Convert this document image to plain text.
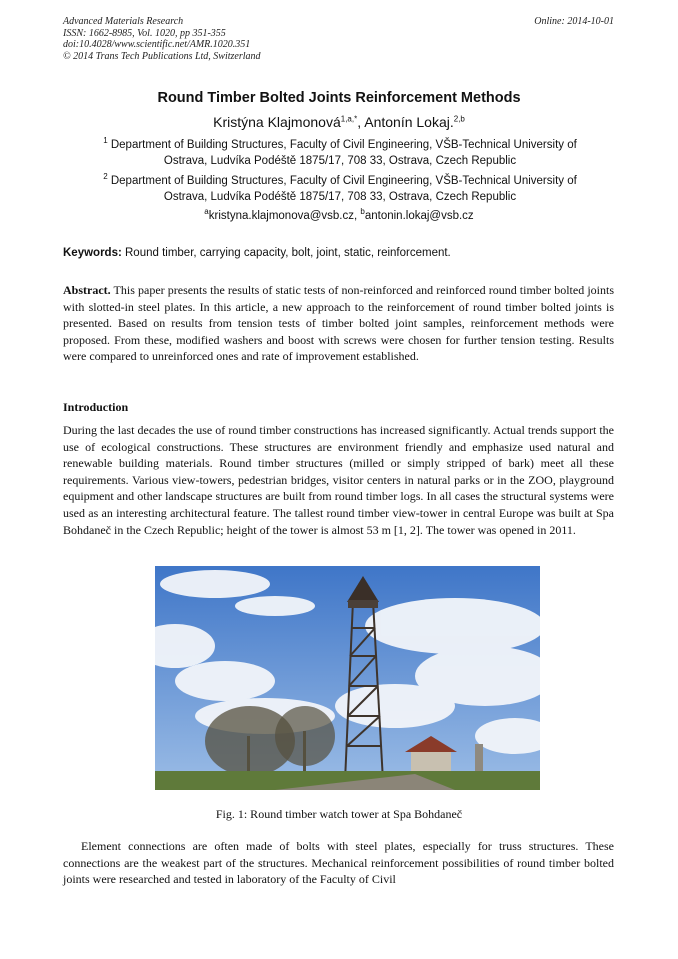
Advanced Materials Research
ISSN: 1662-8985, Vol. 1020, pp 351-355
doi:10.4028/www.scientific.net/AMR.1020.351
© 2014 Trans Tech Publications Ltd, Switzerland
Online: 2014-10-01
Round Timber Bolted Joints Reinforcement Methods
Kristýna Klajmonová$^{1,a,*}$, Antonín Lokaj.$^{2,b}$
$^1$ Department of Building Structures, Faculty of Civil Engineering, VŠB-Technical University of
Ostrava, Ludvíka Podéště 1875/17, 708 33, Ostrava, Czech Republic
$^2$ Department of Building Structures, Faculty of Civil Engineering, VŠB-Technical University of
Ostrava, Ludvíka Podéště 1875/17, 708 33, Ostrava, Czech Republic
$^a$kristyna.klajmonova@vsb.cz, $^b$antonin.lokaj@vsb.cz
Keywords: Round timber, carrying capacity, bolt, joint, static, reinforcement.

Abstract. This paper presents the results of static tests of non-reinforced and reinforced round timber bolted joints with slotted-in steel plates. In this article, a new approach to the reinforcement of round timber bolted joints is presented. Based on results from tension tests of timber bolted joint samples, reinforcement methods were proposed. From these, modified washers and boost with screws were chosen for further tension testing. Results were compared to unreinforced ones and rate of improvement established.

Introduction

During the last decades the use of round timber constructions has increased significantly. Actual trends support the use of ecological constructions. These structures are environment friendly and emphasize used natural and renewable building materials. Round timber structures (milled or simply stripped of bark) meet all these requirements. Various view-towers, pedestrian bridges, visitor centers in natural parks or in the ZOO, playground equipment and other landscape structures are built from round timber logs. In all cases the structural systems were used as an interesting architectural feature. The tallest round timber view-tower in central Europe was built at Spa Bohdaneč in the Czech Republic; height of the tower is almost 53 m [1, 2]. The tower was opened in 2011.

Fig. 1: Round timber watch tower at Spa Bohdaneč

Element connections are often made of bolts with steel plates, especially for truss structures. These connections are the weakest part of the structures. Mechanical reinforcement possibilities of round timber bolted joints were researched and tested in laboratory of the Faculty of Civil
